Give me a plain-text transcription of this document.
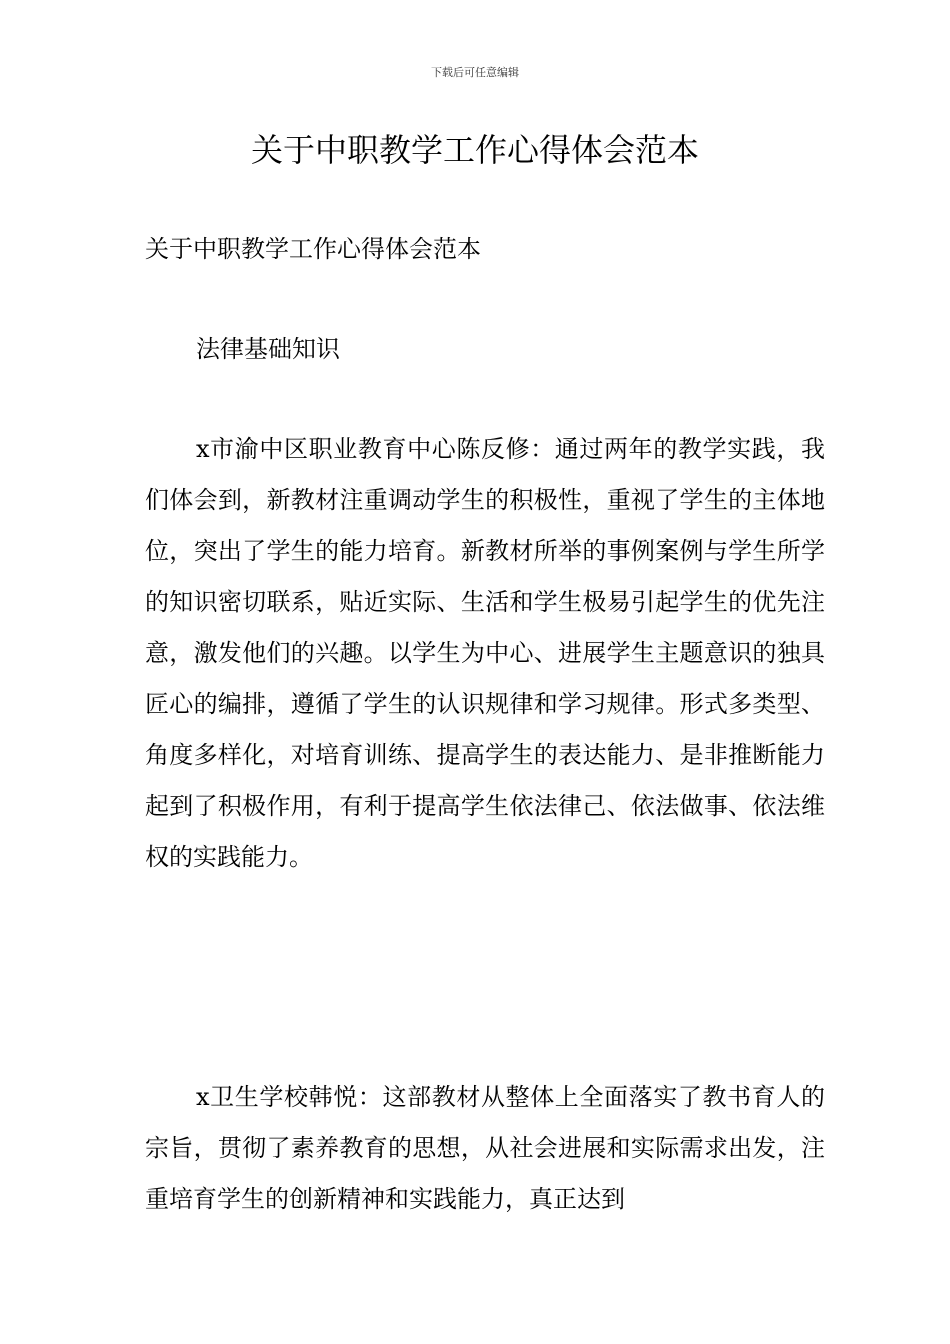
下载后可任意编辑
关于中职教学工作心得体会范本

关于中职教学工作心得体会范本

法律基础知识

x市渝中区职业教育中心陈反修：通过两年的教学实践，我们体会到，新教材注重调动学生的积极性，重视了学生的主体地位，突出了学生的能力培育。新教材所举的事例案例与学生所学的知识密切联系，贴近实际、生活和学生极易引起学生的优先注意，激发他们的兴趣。以学生为中心、进展学生主题意识的独具匠心的编排，遵循了学生的认识规律和学习规律。形式多类型、角度多样化，对培育训练、提高学生的表达能力、是非推断能力起到了积极作用，有利于提高学生依法律己、依法做事、依法维权的实践能力。

x卫生学校韩悦：这部教材从整体上全面落实了教书育人的宗旨，贯彻了素养教育的思想，从社会进展和实际需求出发，注重培育学生的创新精神和实践能力，真正达到
